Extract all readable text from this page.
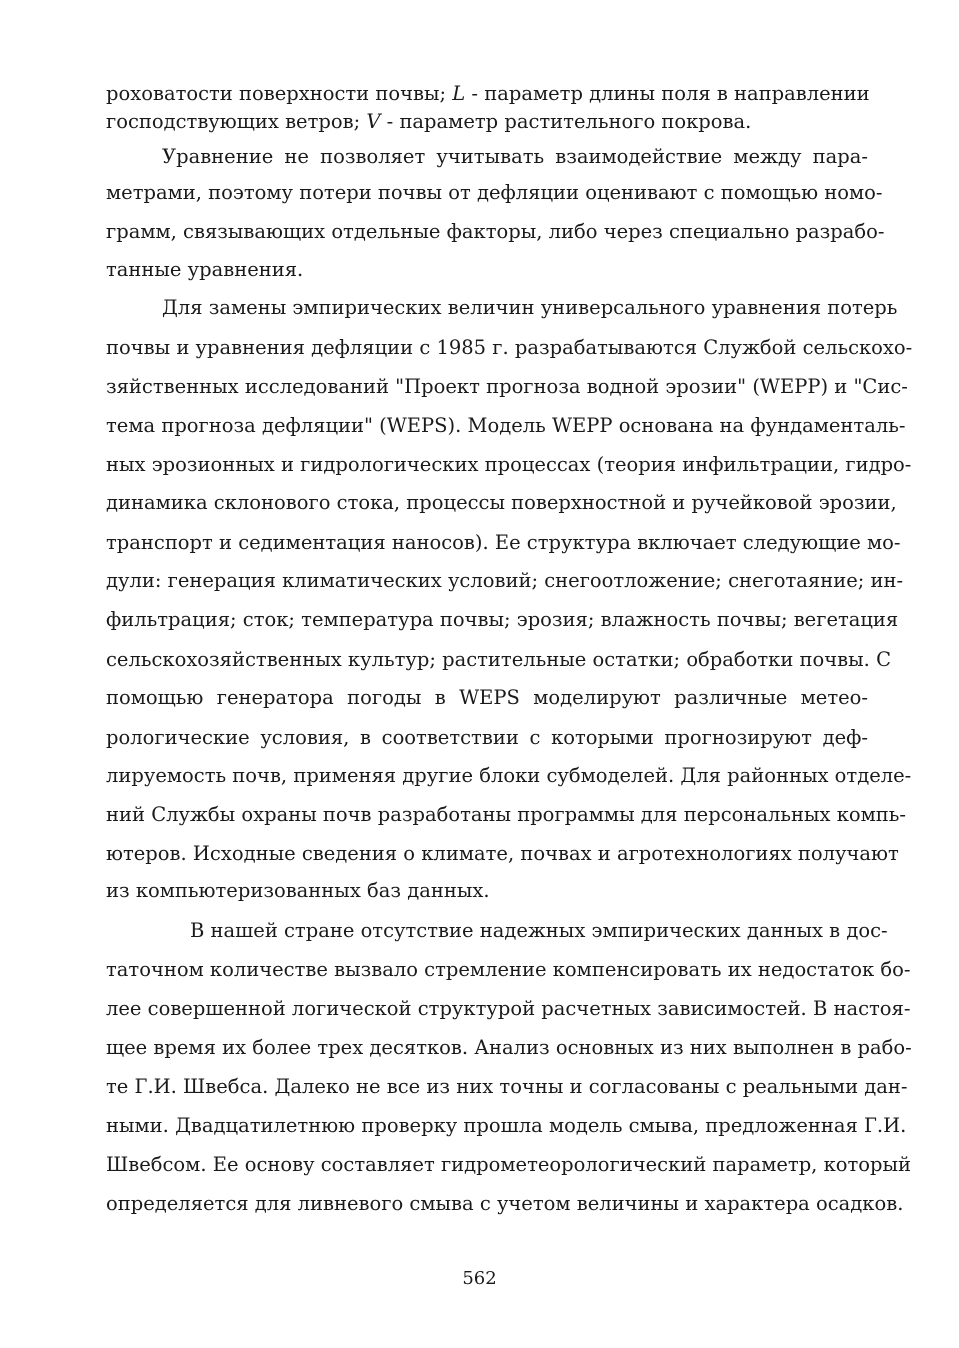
роховатости поверхности почвы; L - параметр длины поля в направлении
господствующих ветров; V - параметр растительного покрова.
Уравнение не позволяет учитывать взаимодействие между пара-
метрами, поэтому потери почвы от дефляции оценивают с помощью номо-
грамм, связывающих отдельные факторы, либо через специально разрабо-
танные уравнения.
Для замены эмпирических величин универсального уравнения потерь
почвы и уравнения дефляции с 1985 г. разрабатываются Службой сельскохо-
зяйственных исследований "Проект прогноза водной эрозии" (WEPP) и "Сис-
тема прогноза дефляции" (WEPS). Модель WEPP основана на фундаменталь-
ных эрозионных и гидрологических процессах (теория инфильтрации, гидро-
динамика склонового стока, процессы поверхностной и ручейковой эрозии,
транспорт и седиментация наносов). Ее структура включает следующие мо-
дули: генерация климатических условий; снегоотложение; снеготаяние; ин-
фильтрация; сток; температура почвы; эрозия; влажность почвы; вегетация
сельскохозяйственных культур; растительные остатки; обработки почвы. С
помощью генератора погоды в WEPS моделируют различные метео-
рологические условия, в соответствии с которыми прогнозируют деф-
лируемость почв, применяя другие блоки субмоделей. Для районных отделе-
ний Службы охраны почв разработаны программы для персональных компь-
ютеров. Исходные сведения о климате, почвах и агротехнологиях получают
из компьютеризованных баз данных.
В нашей стране отсутствие надежных эмпирических данных в дос-
таточном количестве вызвало стремление компенсировать их недостаток бо-
лее совершенной логической структурой расчетных зависимостей. В настоя-
щее время их более трех десятков. Анализ основных из них выполнен в рабо-
те Г.И. Швебса. Далеко не все из них точны и согласованы с реальными дан-
ными. Двадцатилетнюю проверку прошла модель смыва, предложенная Г.И.
Швебсом. Ее основу составляет гидрометеорологический параметр, который
определяется для ливневого смыва с учетом величины и характера осадков.
562
